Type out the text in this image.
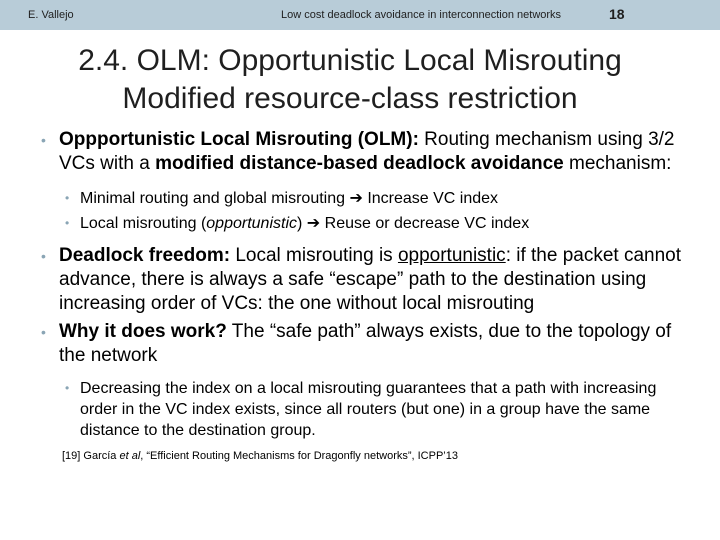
E. Vallejo	Low cost deadlock avoidance in interconnection networks	18
2.4. OLM: Opportunistic Local Misrouting
Modified resource-class restriction
• Oppportunistic Local Misrouting (OLM): Routing mechanism using 3/2 VCs with a modified distance-based deadlock avoidance mechanism:
• Minimal routing and global misrouting ➔ Increase VC index
• Local misrouting (opportunistic) ➔ Reuse or decrease VC index
• Deadlock freedom: Local misrouting is opportunistic: if the packet cannot advance, there is always a safe “escape” path to the destination using increasing order of VCs: the one without local misrouting
• Why it does work? The “safe path” always exists, due to the topology of the network
• Decreasing the index on a local misrouting guarantees that a path with increasing order in the VC index exists, since all routers (but one) in a group have the same distance to the destination group.
[19] García et al, “Efficient Routing Mechanisms for Dragonfly networks”, ICPP’13
